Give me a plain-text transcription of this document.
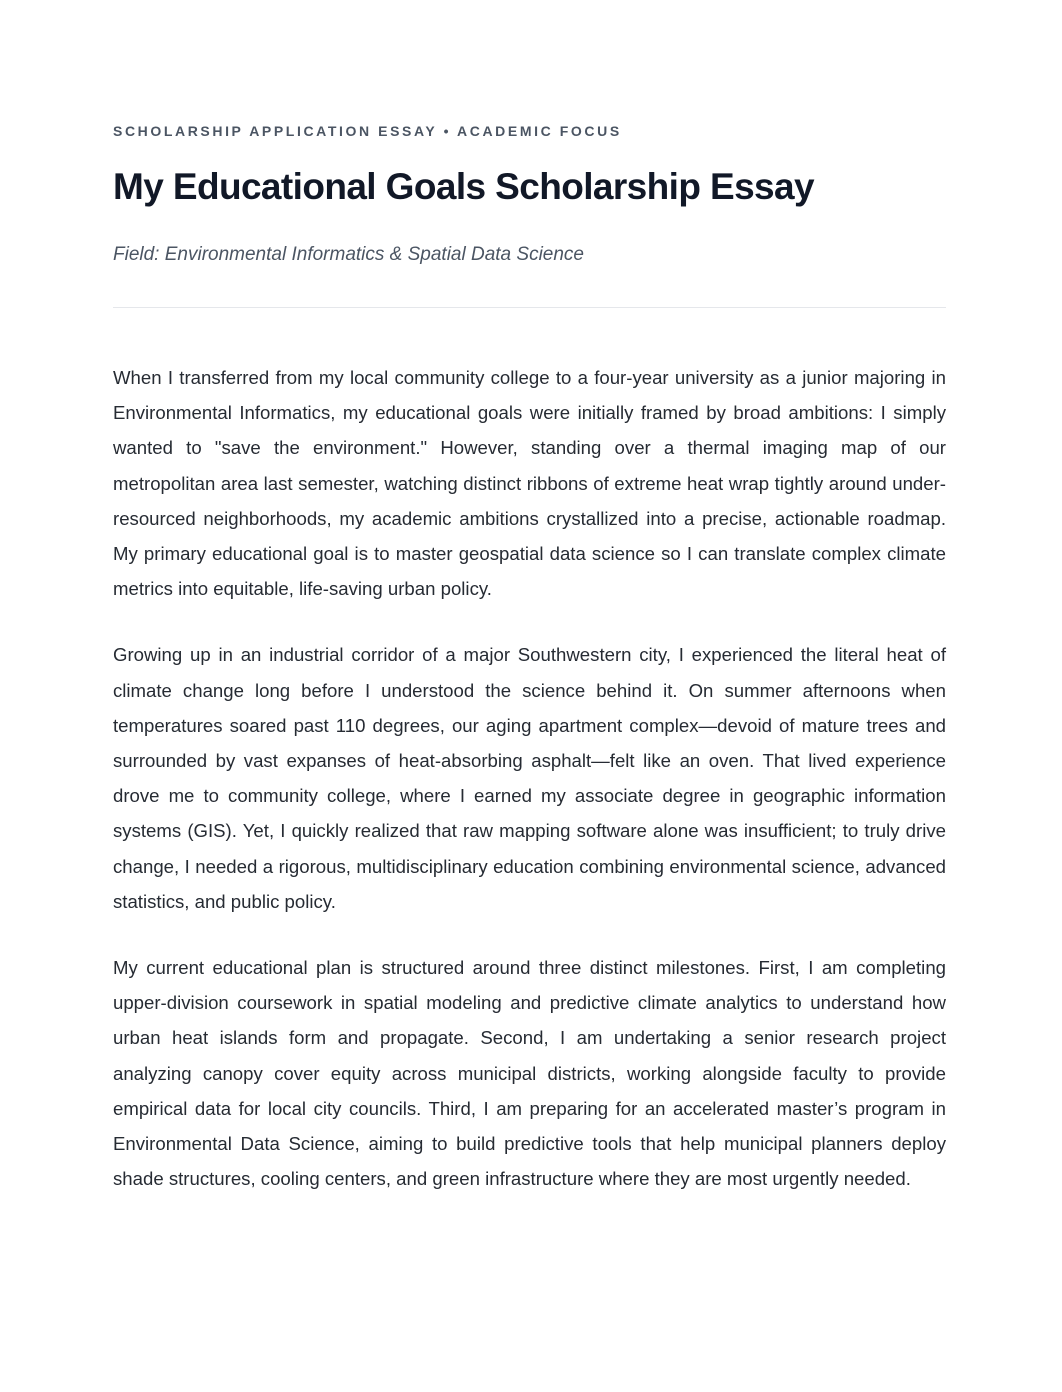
SCHOLARSHIP APPLICATION ESSAY • ACADEMIC FOCUS
My Educational Goals Scholarship Essay
Field: Environmental Informatics & Spatial Data Science

When I transferred from my local community college to a four-year university as a junior majoring in Environmental Informatics, my educational goals were initially framed by broad ambitions: I simply wanted to "save the environment." However, standing over a thermal imaging map of our metropolitan area last semester, watching distinct ribbons of extreme heat wrap tightly around under-resourced neighborhoods, my academic ambitions crystallized into a precise, actionable roadmap. My primary educational goal is to master geospatial data science so I can translate complex climate metrics into equitable, life-saving urban policy.

Growing up in an industrial corridor of a major Southwestern city, I experienced the literal heat of climate change long before I understood the science behind it. On summer afternoons when temperatures soared past 110 degrees, our aging apartment complex—devoid of mature trees and surrounded by vast expanses of heat-absorbing asphalt—felt like an oven. That lived experience drove me to community college, where I earned my associate degree in geographic information systems (GIS). Yet, I quickly realized that raw mapping software alone was insufficient; to truly drive change, I needed a rigorous, multidisciplinary education combining environmental science, advanced statistics, and public policy.

My current educational plan is structured around three distinct milestones. First, I am completing upper-division coursework in spatial modeling and predictive climate analytics to understand how urban heat islands form and propagate. Second, I am undertaking a senior research project analyzing canopy cover equity across municipal districts, working alongside faculty to provide empirical data for local city councils. Third, I am preparing for an accelerated master’s program in Environmental Data Science, aiming to build predictive tools that help municipal planners deploy shade structures, cooling centers, and green infrastructure where they are most urgently needed.
